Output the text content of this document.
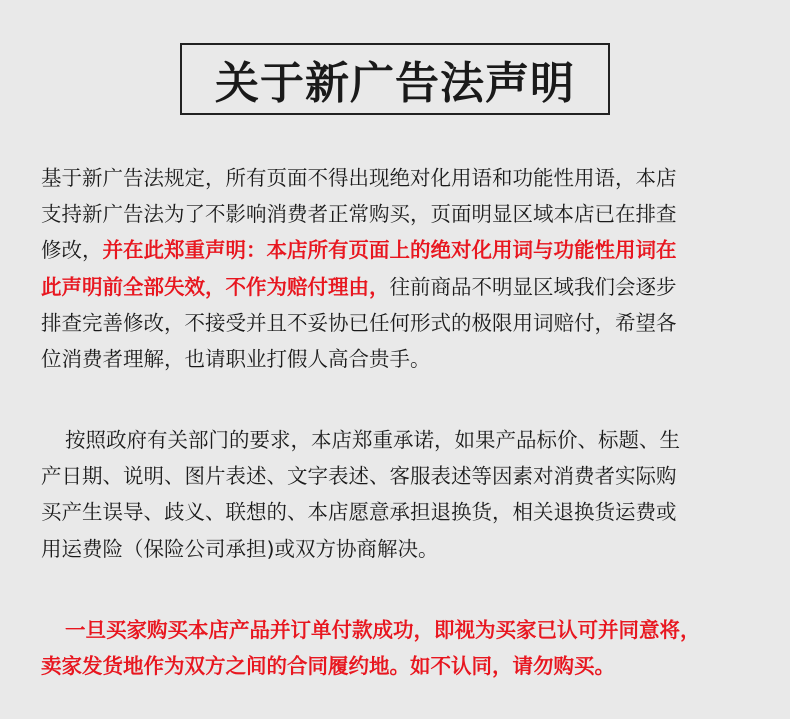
关于新广告法声明
基于新广告法规定，所有页面不得出现绝对化用语和功能性用语，本店
支持新广告法为了不影响消费者正常购买，页面明显区域本店已在排查
修改，并在此郑重声明：本店所有页面上的绝对化用词与功能性用词在
此声明前全部失效，不作为赔付理由，往前商品不明显区域我们会逐步
排查完善修改，不接受并且不妥协已任何形式的极限用词赔付，希望各
位消费者理解，也请职业打假人高合贵手。
按照政府有关部门的要求，本店郑重承诺，如果产品标价、标题、生
产日期、说明、图片表述、文字表述、客服表述等因素对消费者实际购
买产生误导、歧义、联想的、本店愿意承担退换货，相关退换货运费或
用运费险（保险公司承担)或双方协商解决。
一旦买家购买本店产品并订单付款成功，即视为买家已认可并同意将，
卖家发货地作为双方之间的合同履约地。如不认同，请勿购买。
